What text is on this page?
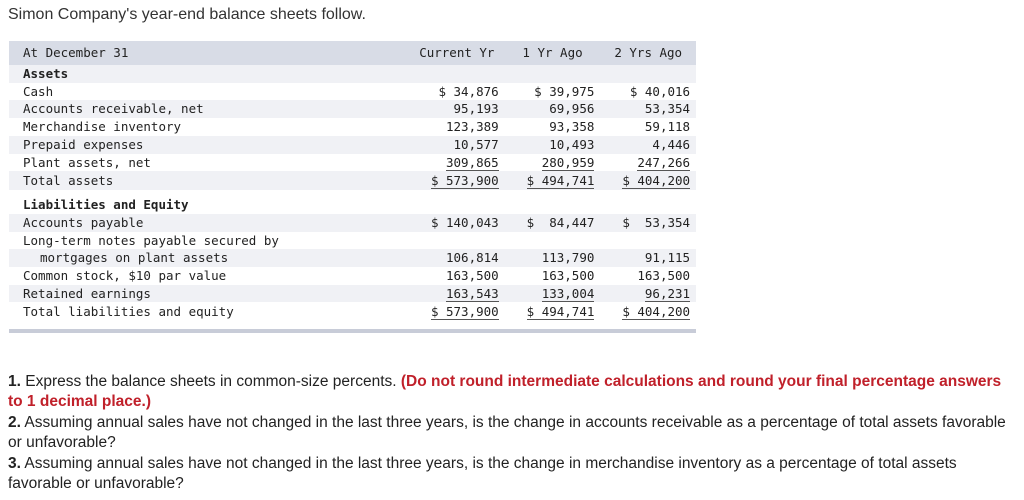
Simon Company's year-end balance sheets follow.
At December 31	Current Yr	1 Yr Ago	2 Yrs Ago
Assets			
Cash	$ 34,876	$ 39,975	$ 40,016
Accounts receivable, net	95,193	69,956	53,354
Merchandise inventory	123,389	93,358	59,118
Prepaid expenses	10,577	10,493	4,446
Plant assets, net	309,865	280,959	247,266
Total assets	$ 573,900	$ 494,741	$ 404,200

Liabilities and Equity			
Accounts payable	$ 140,043	$  84,447	$  53,354
Long-term notes payable secured by			
mortgages on plant assets	106,814	113,790	91,115
Common stock, $10 par value	163,500	163,500	163,500
Retained earnings	163,543	133,004	96,231
Total liabilities and equity	$ 573,900	$ 494,741	$ 404,200

1. Express the balance sheets in common-size percents. (Do not round intermediate calculations and round your final percentage answers to 1 decimal place.)

2. Assuming annual sales have not changed in the last three years, is the change in accounts receivable as a percentage of total assets favorable or unfavorable?

3. Assuming annual sales have not changed in the last three years, is the change in merchandise inventory as a percentage of total assets favorable or unfavorable?
